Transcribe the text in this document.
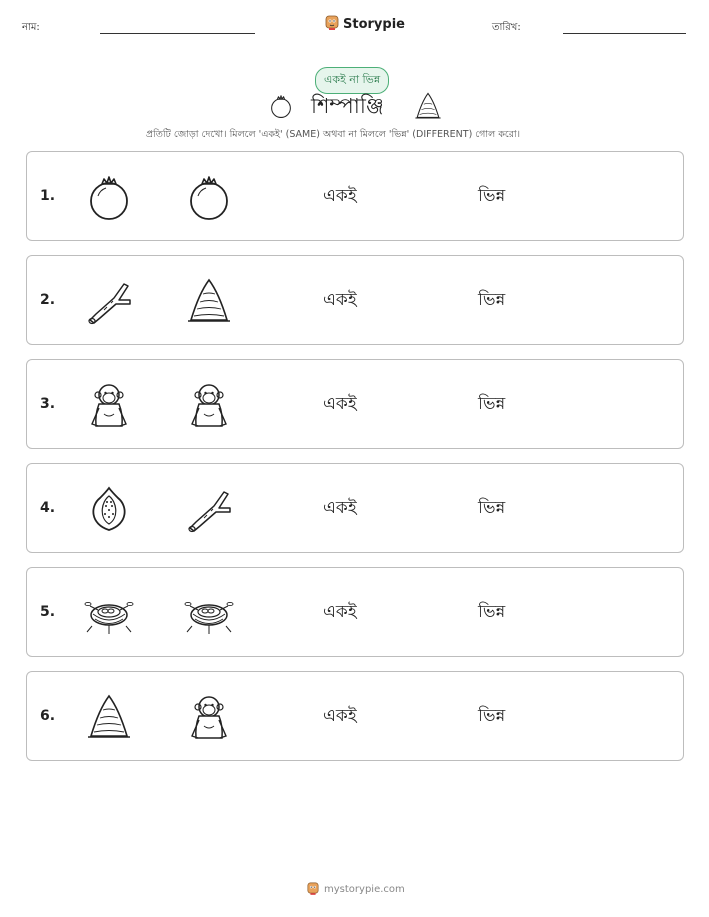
নাম:	Storypie	তারিখ:
একই না ভিন্ন
শিম্পাঞ্জি
প্রতিটি জোড়া দেখো। মিললে 'একই' (SAME) অথবা না মিললে 'ভিন্ন' (DIFFERENT) গোল করো।
1.	একই	ভিন্ন
2.	একই	ভিন্ন
3.	একই	ভিন্ন
4.	একই	ভিন্ন
5.	একই	ভিন্ন
6.	একই	ভিন্ন
mystorypie.com
